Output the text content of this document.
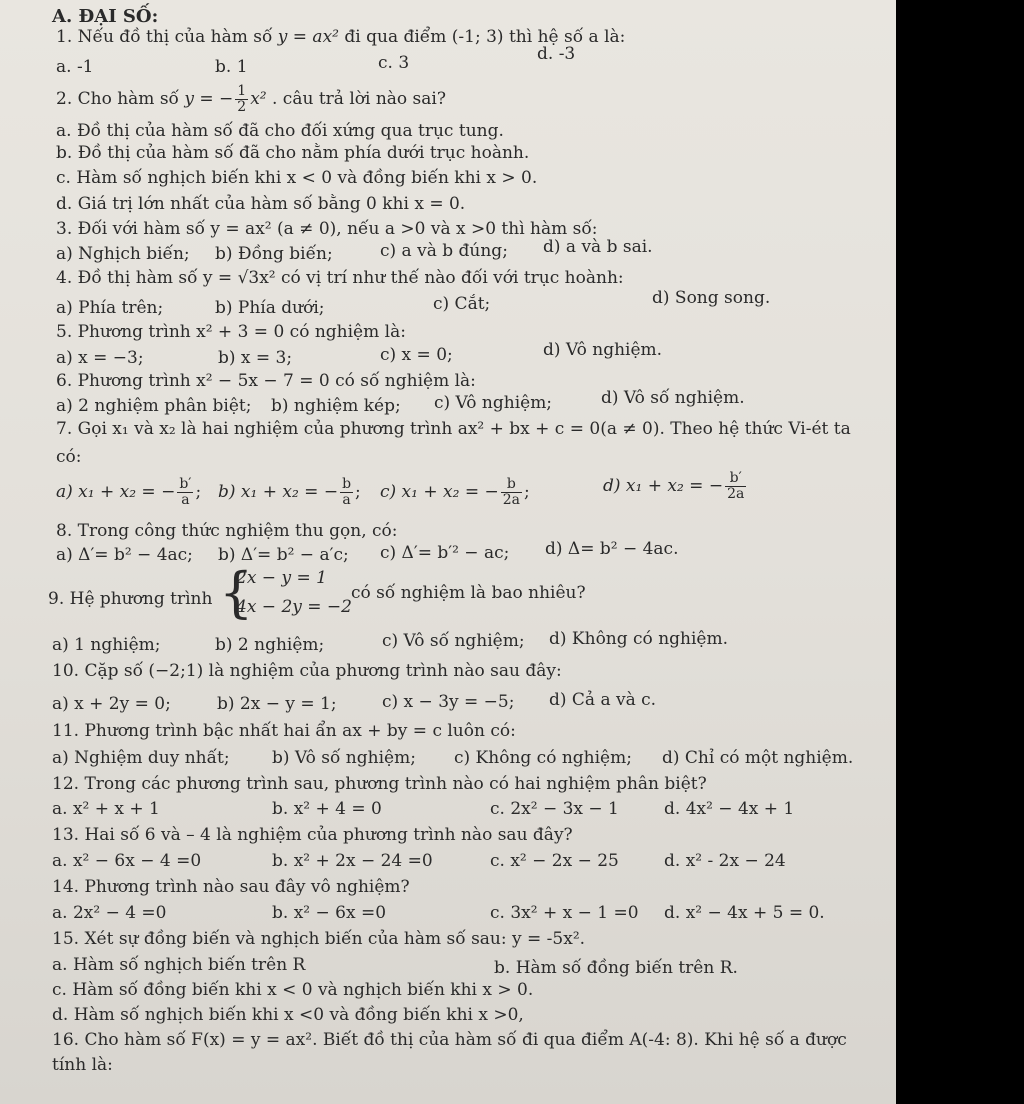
A. ĐẠI SỐ:
1. Nếu đồ thị của hàm số y = ax² đi qua điểm (-1; 3) thì hệ số a là:
a. -1	b. 1	c. 3	d. -3
2. Cho hàm số y = − $\frac{1}{2} x^2$ . câu trả lời nào sai?
a. Đồ thị của hàm số đã cho đối xứng qua trục tung.
b. Đồ thị của hàm số đã cho nằm phía dưới trục hoành.
c. Hàm số nghịch biến khi x < 0 và đồng biến khi x > 0.
d. Giá trị lớn nhất của hàm số bằng 0 khi x = 0.
3. Đối với hàm số y = ax² (a ≠ 0), nếu a >0 và x >0 thì hàm số:
a) Nghịch biến; b) Đồng biến;	c) a và b đúng; d) a và b sai.
4. Đồ thị hàm số y = √3x² có vị trí như thế nào đối với trục hoành:
a) Phía trên;	b) Phía dưới;	c) Cắt;	d) Song song.
5. Phương trình x² + 3 = 0 có nghiệm là:
a) x = −3;	b) x = 3;	c) x = 0;	d) Vô nghiệm.
6. Phương trình x² − 5x − 7 = 0 có số nghiệm là:
a) 2 nghiệm phân biệt; b) nghiệm kép; c) Vô nghiệm;	d) Vô số nghiệm.
7. Gọi x₁ và x₂ là hai nghiệm của phương trình ax² + bx + c = 0(a ≠ 0). Theo hệ thức Vi-ét ta
có:
a) x₁ + x₂ = − $\frac{b'}{a}$ ; b) x₁ + x₂ = − $\frac{b}{a}$ ; c) x₁ + x₂ = − $\frac{b}{2a}$ ;	d) x₁ + x₂ = − $\frac{b'}{2a}$
8. Trong công thức nghiệm thu gọn, có:
a) Δ′= b² − 4ac; b) Δ′= b² − a′c; c) Δ′= b′² − ac; d) Δ= b² − 4ac.
9. Hệ phương trình {
2x − y = 1
4x − 2y = −2
có số nghiệm là bao nhiêu?
a) 1 nghiệm;	b) 2 nghiệm;	c) Vô số nghiệm; d) Không có nghiệm.
10. Cặp số (−2;1) là nghiệm của phương trình nào sau đây:
a) x + 2y = 0;	b) 2x − y = 1;	c) x − 3y = −5; d) Cả a và c.
11. Phương trình bậc nhất hai ẩn ax + by = c luôn có:
a) Nghiệm duy nhất; b) Vô số nghiệm; c) Không có nghiệm; d) Chỉ có một nghiệm.
12. Trong các phương trình sau, phương trình nào có hai nghiệm phân biệt?
a. x² + x + 1	b. x² + 4 = 0	c. 2x² − 3x − 1	d. 4x² − 4x + 1
13. Hai số 6 và – 4 là nghiệm của phương trình nào sau đây?
a. x² − 6x − 4 =0	b. x² + 2x − 24 =0	c. x² − 2x − 25	d. x² - 2x − 24
14. Phương trình nào sau đây vô nghiệm?
a. 2x² − 4 =0	b. x² − 6x =0	c. 3x² + x − 1 =0 d. x² − 4x + 5 = 0.
15. Xét sự đồng biến và nghịch biến của hàm số sau: y = -5x².
a. Hàm số nghịch biến trên R	b. Hàm số đồng biến trên R.
c. Hàm số đồng biến khi x < 0 và nghịch biến khi x > 0.
d. Hàm số nghịch biến khi x <0 và đồng biến khi x >0,
16. Cho hàm số F(x) = y = ax². Biết đồ thị của hàm số đi qua điểm A(-4: 8). Khi hệ số a được
tính là:
